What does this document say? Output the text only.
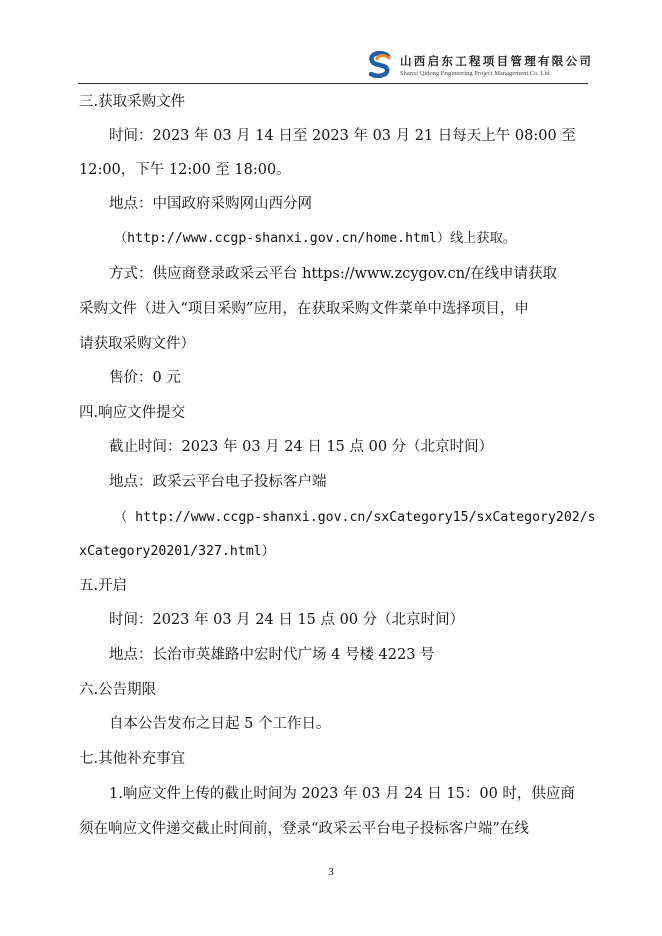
山西启东工程项目管理有限公司
Shanxi Qidong Engineering Project Management Co. Ltd
三.获取采购文件
时间：2023 年 03 月 14 日至 2023 年 03 月 21 日每天上午 08:00 至
12:00，下午 12:00 至 18:00。
地点：中国政府采购网山西分网
（http://www.ccgp-shanxi.gov.cn/home.html）线上获取。
方式：供应商登录政采云平台 https://www.zcygov.cn/在线申请获取
采购文件（进入“项目采购”应用，在获取采购文件菜单中选择项目，申
请获取采购文件）
售价：0 元
四.响应文件提交
截止时间：2023 年 03 月 24 日 15 点 00 分（北京时间）
地点：政采云平台电子投标客户端
（ http://www.ccgp-shanxi.gov.cn/sxCategory15/sxCategory202/s
xCategory20201/327.html）
五.开启
时间：2023 年 03 月 24 日 15 点 00 分（北京时间）
地点：长治市英雄路中宏时代广场 4 号楼 4223 号
六.公告期限
自本公告发布之日起 5 个工作日。
七.其他补充事宜
1.响应文件上传的截止时间为 2023 年 03 月 24 日 15：00 时，供应商
须在响应文件递交截止时间前，登录“政采云平台电子投标客户端”在线
3
